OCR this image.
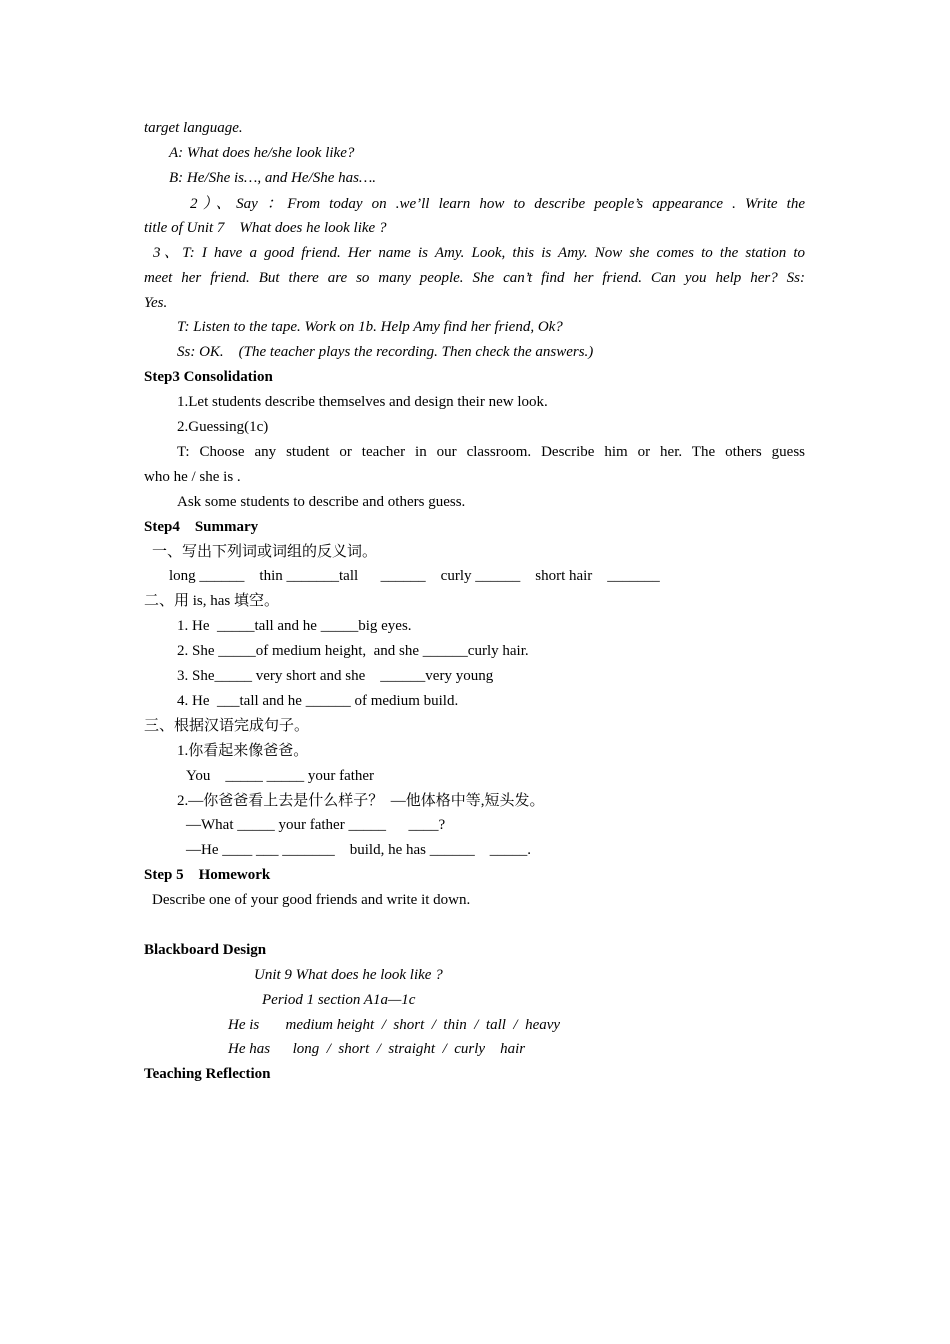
target language.
A: What does he/she look like?
B: He/She is…, and He/She has….
2）、Say ：From today on .we’ll learn how to describe people’s appearance . Write the
title of Unit 7    What does he look like ?
3、T: I have a good friend. Her name is Amy. Look, this is Amy. Now she comes to the station to
meet her friend. But there are so many people. She can’t find her friend. Can you help her? Ss:
Yes.
T: Listen to the tape. Work on 1b. Help Amy find her friend, Ok?
Ss: OK.    (The teacher plays the recording. Then check the answers.)
Step3 Consolidation
1.Let students describe themselves and design their new look.
2.Guessing(1c)
T: Choose any student or teacher in our classroom. Describe him or her. The others guess
who he / she is .
Ask some students to describe and others guess.
Step4    Summary
一、写出下列词或词组的反义词。
long ______    thin _______tall      ______    curly ______    short hair    _______
二、用 is, has 填空。
1. He  _____tall and he _____big eyes.
2. She _____of medium height,  and she ______curly hair.
3. She_____ very short and she    ______very young
4. He  ___tall and he ______ of medium build.
三、根据汉语完成句子。
1.你看起来像爸爸。
You    _____ _____ your father
2.—你爸爸看上去是什么样子？  —他体格中等,短头发。
—What _____ your father _____      ____?
—He ____ ___ _______    build, he has ______    _____.
Step 5    Homework
Describe one of your good friends and write it down.
Blackboard Design
Unit 9 What does he look like ?
Period 1 section A1a—1c
He is       medium height  /  short  /  thin  /  tall  /  heavy
He has      long  /  short  /  straight  /  curly    hair
Teaching Reflection
